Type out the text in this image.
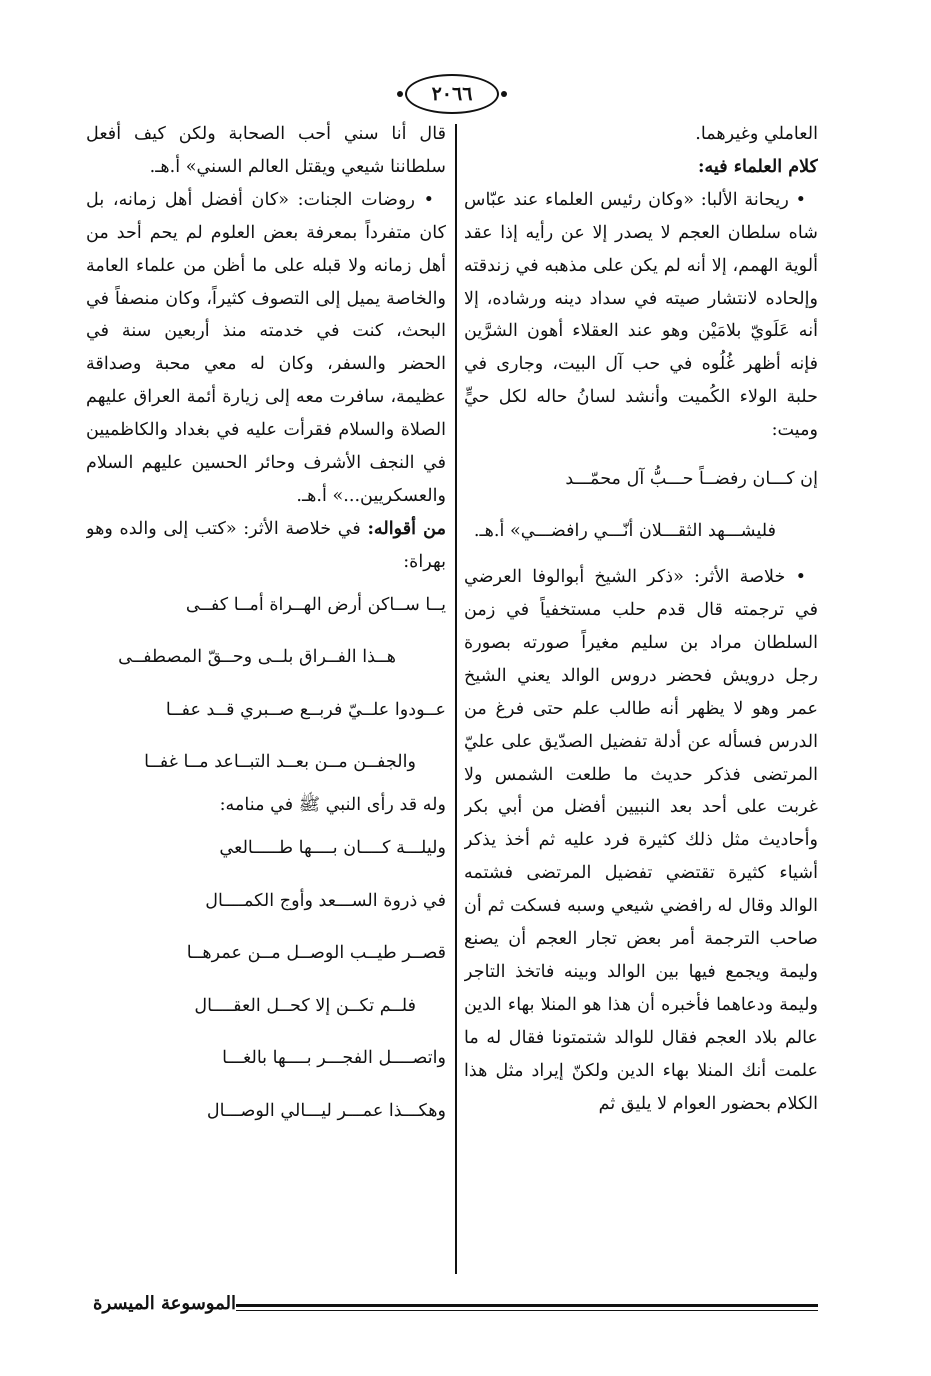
٢٠٦٦

العاملي وغيرهما.

كلام العلماء فيه:

• ريحانة الألبا: «وكان رئيس العلماء عند عبّاس شاه سلطان العجم لا يصدر إلا عن رأيه إذا عقد ألوية الهمم، إلا أنه لم يكن على مذهبه في زندقته وإلحاده لانتشار صيته في سداد دينه ورشاده، إلا أنه عَلَويّ بلامَيْن وهو عند العقلاء أهون الشرَّين فإنه أظهر غُلُوه في حب آل البيت، وجارى في حلبة الولاء الكُميت وأنشد لسانُ حاله لكل حيٍّ وميت:

إن كـــان رفضــاً حـــبُّ آل محمّـــد

فليشـــهد الثقـــلان أنّـــي رافضـــي» أ.هـ.

• خلاصة الأثر: «ذكر الشيخ أبوالوفا العرضي في ترجمته قال قدم حلب مستخفياً في زمن السلطان مراد بن سليم مغيراً صورته بصورة رجل درويش فحضر دروس الوالد يعني الشيخ عمر وهو لا يظهر أنه طالب علم حتى فرغ من الدرس فسأله عن أدلة تفضيل الصدّيق على عليّ المرتضى فذكر حديث ما طلعت الشمس ولا غربت على أحد بعد النبيين أفضل من أبي بكر وأحاديث مثل ذلك كثيرة فرد عليه ثم أخذ يذكر أشياء كثيرة تقتضي تفضيل المرتضى فشتمه الوالد وقال له رافضي شيعي وسبه فسكت ثم أن صاحب الترجمة أمر بعض تجار العجم أن يصنع وليمة ويجمع فيها بين الوالد وبينه فاتخذ التاجر وليمة ودعاهما فأخبره أن هذا هو المنلا بهاء الدين عالم بلاد العجم فقال للوالد شتمتونا فقال له ما علمت أنك المنلا بهاء الدين ولكنّ إيراد مثل هذا الكلام بحضور العوام لا يليق ثم

قال أنا سني أحب الصحابة ولكن كيف أفعل سلطاننا شيعي ويقتل العالم السني» أ.هـ.

• روضات الجنات: «كان أفضل أهل زمانه، بل كان متفرداً بمعرفة بعض العلوم لم يحم أحد من أهل زمانه ولا قبله على ما أظن من علماء العامة والخاصة يميل إلى التصوف كثيراً، وكان منصفاً في البحث، كنت في خدمته منذ أربعين سنة في الحضر والسفر، وكان له معي محبة وصداقة عظيمة، سافرت معه إلى زيارة أئمة العراق عليهم الصلاة والسلام فقرأت عليه في بغداد والكاظميين في النجف الأشرف وحائر الحسين عليهم السلام والعسكريين...» أ.هـ.

من أقواله: في خلاصة الأثر: «كتب إلى والده وهو بهراة:

يــا ســاكن أرض الهــراة أمــا كفــى

هــذا الفــراق بلــى وحــقّ المصطفــى

عــودوا علــيّ فربــع صــبري قــد عفــا

والجفــن مــن بعــد التبــاعد مــا غفــا

وله قد رأى النبي ﷺ في منامه:

وليلـــة كــــان بــــها طـــــالعي

في ذروة الســـعد وأوج الكمــــال

قصــر طيــب الوصــل مــن عمرهــا

فلــم تكــن إلا كحــل العقــــال

واتصــــل الفجـــر بــــها بالغـــا

وهكـــذا عمـــر ليـــالي الوصـــال

الموسوعة الميسرة
